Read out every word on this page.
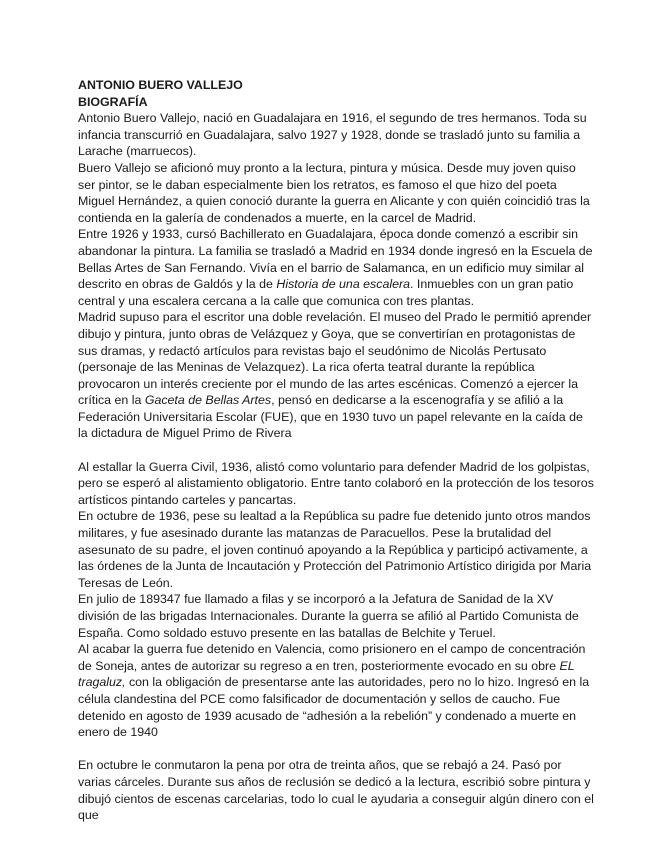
ANTONIO BUERO VALLEJO

BIOGRAFÍA

Antonio Buero Vallejo, nació en Guadalajara en 1916, el segundo de tres hermanos. Toda su infancia transcurrió en Guadalajara, salvo 1927 y 1928, donde se trasladó junto su familia a Larache (marruecos).

Buero Vallejo se aficionó muy pronto a la lectura, pintura y música. Desde muy joven quiso ser pintor, se le daban especialmente bien los retratos, es famoso el que hizo del poeta Miguel Hernández, a quien conoció durante la guerra en Alicante y con quién coincidió tras la contienda en la galería de condenados a muerte, en la carcel de Madrid.

Entre 1926 y 1933, cursó Bachillerato en Guadalajara, época donde comenzó a escribir sin abandonar la pintura. La familia se trasladó a Madrid en 1934 donde ingresó en la Escuela de Bellas Artes de San Fernando. Vivía en el barrio de Salamanca, en un edificio muy similar al descrito en obras de Galdós y la de Historia de una escalera. Inmuebles con un gran patio central y una escalera cercana a la calle que comunica con tres plantas.

Madrid supuso para el escritor una doble revelación. El museo del Prado le permitió aprender dibujo y pintura, junto obras de Velázquez y Goya, que se convertirían en protagonistas de sus dramas, y redactó artículos para revistas bajo el seudónimo de Nicolás Pertusato (personaje de las Meninas de Velazquez). La rica oferta teatral durante la república provocaron un interés creciente por el mundo de las artes escénicas. Comenzó a ejercer la crítica en la Gaceta de Bellas Artes, pensó en dedicarse a la escenografía y se afilió a la Federación Universitaria Escolar (FUE), que en 1930 tuvo un papel relevante en la caída de la dictadura de Miguel Primo de Rivera

Al estallar la Guerra Civil, 1936, alistó como voluntario para defender Madrid de los golpistas, pero se esperó al alistamiento obligatorio. Entre tanto colaboró en la protección de los tesoros artísticos pintando carteles y pancartas.

En octubre de 1936, pese su lealtad a la República su padre fue detenido junto otros mandos militares, y fue asesinado durante las matanzas de Paracuellos. Pese la brutalidad del asesunato de su padre, el joven continuó apoyando a la República y participó activamente, a las órdenes de la Junta de Incautación y Protección del Patrimonio Artístico dirigida por Maria Teresas de León.

En julio de 189347 fue llamado a filas y se incorporó a la Jefatura de Sanidad de la XV división de las brigadas Internacionales. Durante la guerra se afilió al Partido Comunista de España. Como soldado estuvo presente en las batallas de Belchite y Teruel.

Al acabar la guerra fue detenido en Valencia, como prisionero en el campo de concentración de Soneja, antes de autorizar su regreso a en tren, posteriormente evocado en su obre EL tragaluz, con la obligación de presentarse ante las autoridades, pero no lo hizo. Ingresó en la célula clandestina del PCE como falsificador de documentación y sellos de caucho. Fue detenido en agosto de 1939 acusado de “adhesión a la rebelión” y condenado a muerte en enero de 1940

En octubre le conmutaron la pena por otra de treinta años, que se rebajó a 24. Pasó por varias cárceles. Durante sus años de reclusión se dedicó a la lectura, escribió sobre pintura y dibujó cientos de escenas carcelarias, todo lo cual le ayudaria a conseguir algún dinero con el que
